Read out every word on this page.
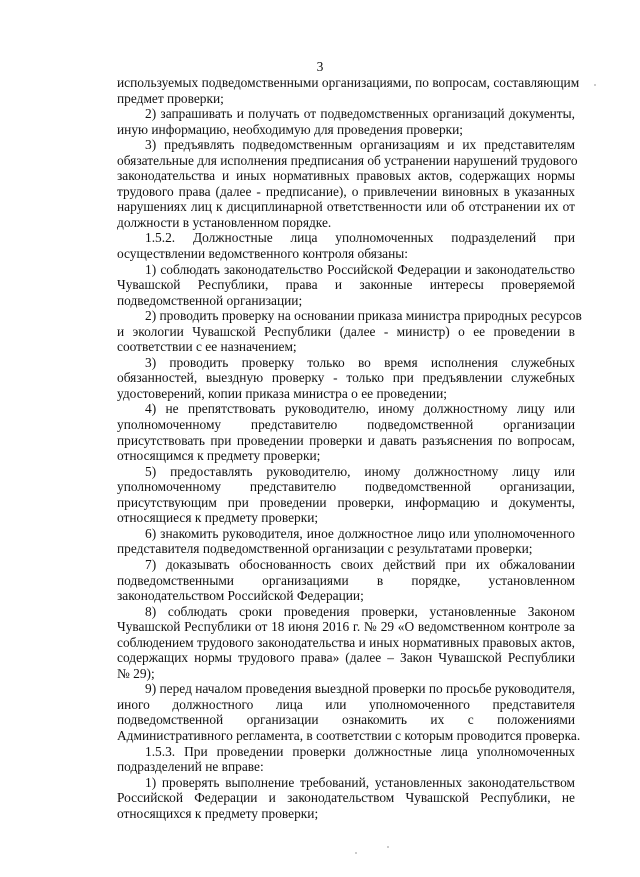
3
используемых подведомственными организациями, по вопросам, составляющим
предмет проверки;
2) запрашивать и получать от подведомственных организаций документы,
иную информацию, необходимую для проведения проверки;
3) предъявлять подведомственным организациям и их представителям
обязательные для исполнения предписания об устранении нарушений трудового
законодательства и иных нормативных правовых актов, содержащих нормы
трудового права (далее - предписание), о привлечении виновных в указанных
нарушениях лиц к дисциплинарной ответственности или об отстранении их от
должности в установленном порядке.
1.5.2. Должностные лица уполномоченных подразделений при
осуществлении ведомственного контроля обязаны:
1) соблюдать законодательство Российской Федерации и законодательство
Чувашской Республики, права и законные интересы проверяемой
подведомственной организации;
2) проводить проверку на основании приказа министра природных ресурсов
и экологии Чувашской Республики (далее - министр) о ее проведении в
соответствии с ее назначением;
3) проводить проверку только во время исполнения служебных
обязанностей, выездную проверку - только при предъявлении служебных
удостоверений, копии приказа министра о ее проведении;
4) не препятствовать руководителю, иному должностному лицу или
уполномоченному представителю подведомственной организации
присутствовать при проведении проверки и давать разъяснения по вопросам,
относящимся к предмету проверки;
5) предоставлять руководителю, иному должностному лицу или
уполномоченному представителю подведомственной организации,
присутствующим при проведении проверки, информацию и документы,
относящиеся к предмету проверки;
6) знакомить руководителя, иное должностное лицо или уполномоченного
представителя подведомственной организации с результатами проверки;
7) доказывать обоснованность своих действий при их обжаловании
подведомственными организациями в порядке, установленном
законодательством Российской Федерации;
8) соблюдать сроки проведения проверки, установленные Законом
Чувашской Республики от 18 июня 2016 г. № 29 «О ведомственном контроле за
соблюдением трудового законодательства и иных нормативных правовых актов,
содержащих нормы трудового права» (далее – Закон Чувашской Республики
№ 29);
9) перед началом проведения выездной проверки по просьбе руководителя,
иного должностного лица или уполномоченного представителя
подведомственной организации ознакомить их с положениями
Административного регламента, в соответствии с которым проводится проверка.
1.5.3. При проведении проверки должностные лица уполномоченных
подразделений не вправе:
1) проверять выполнение требований, установленных законодательством
Российской Федерации и законодательством Чувашской Республики, не
относящихся к предмету проверки;
